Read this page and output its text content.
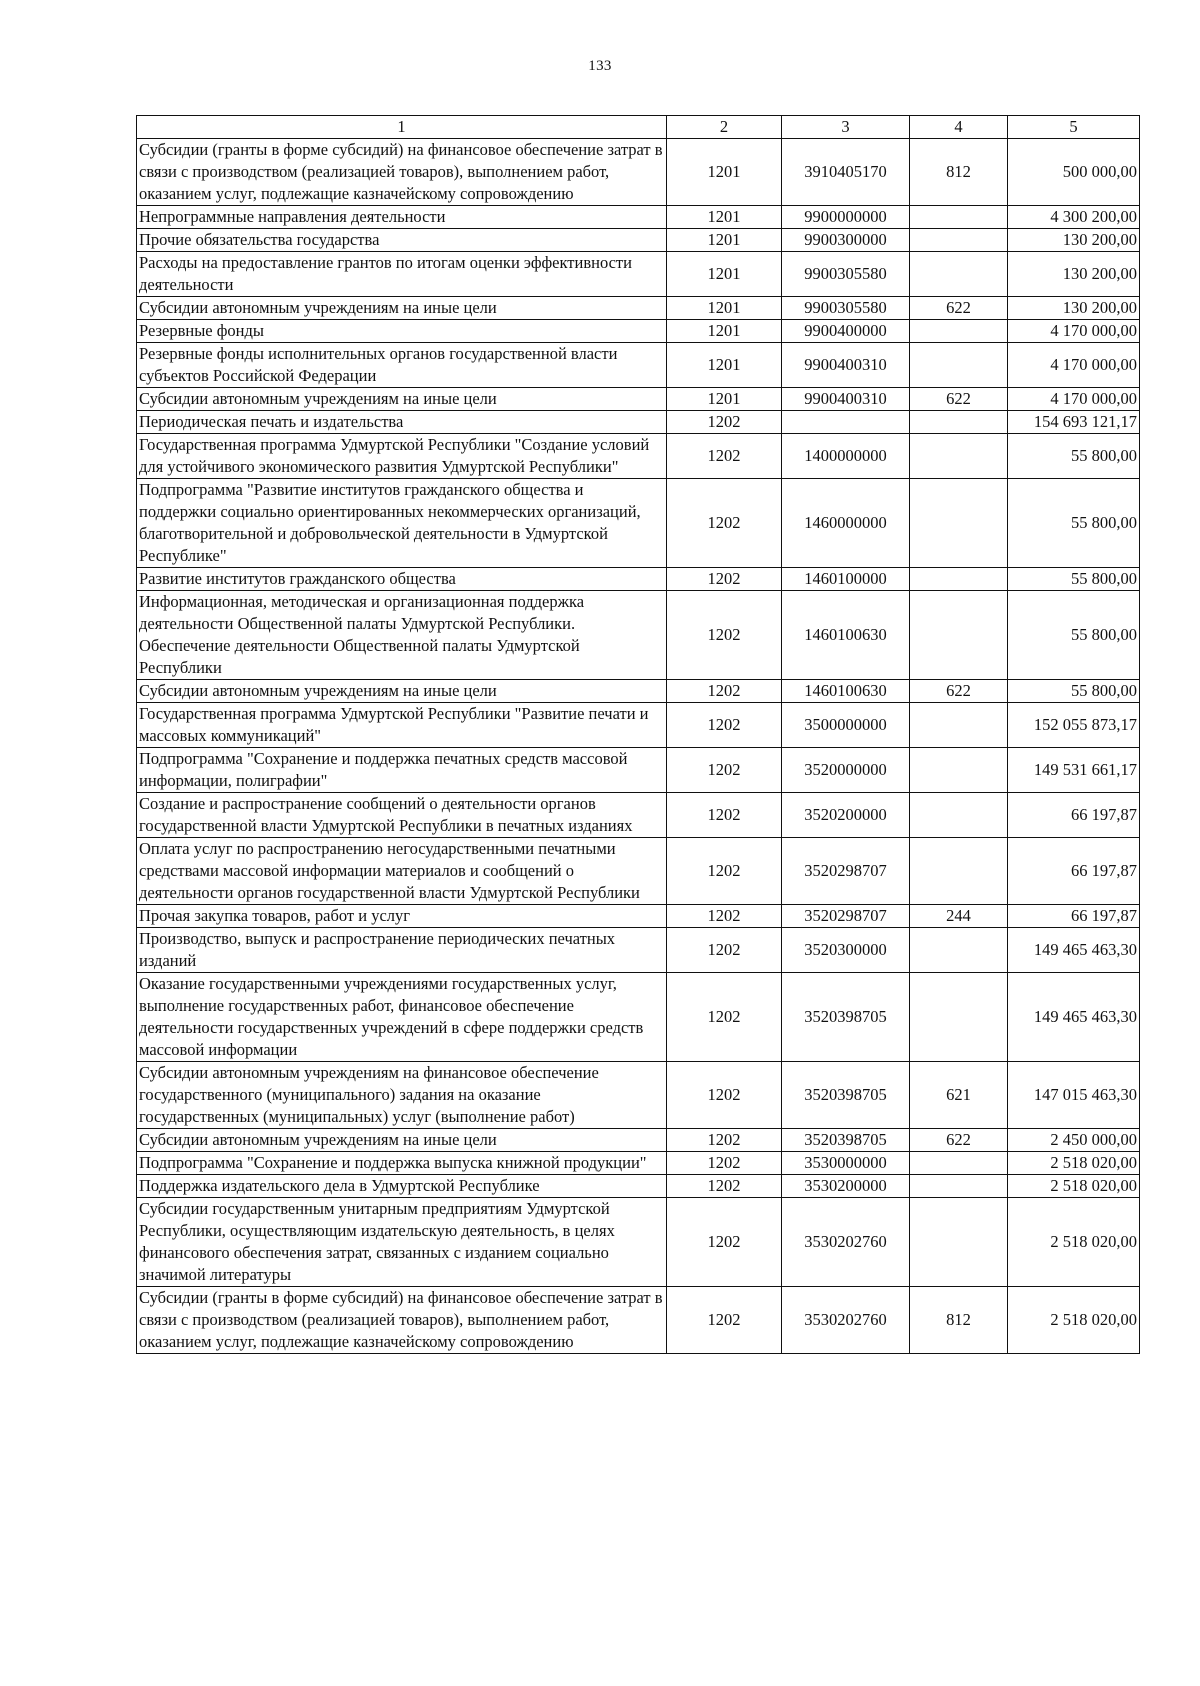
133
1	2	3	4	5
Субсидии (гранты в форме субсидий) на финансовое обеспечение затрат в связи с производством (реализацией товаров), выполнением работ, оказанием услуг, подлежащие казначейскому сопровождению	1201	3910405170	812	500 000,00
Непрограммные направления деятельности	1201	9900000000		4 300 200,00
Прочие обязательства государства	1201	9900300000		130 200,00
Расходы на предоставление грантов по итогам оценки эффективности деятельности	1201	9900305580		130 200,00
Субсидии автономным учреждениям на иные цели	1201	9900305580	622	130 200,00
Резервные фонды	1201	9900400000		4 170 000,00
Резервные фонды исполнительных органов государственной власти субъектов Российской Федерации	1201	9900400310		4 170 000,00
Субсидии автономным учреждениям на иные цели	1201	9900400310	622	4 170 000,00
Периодическая печать и издательства	1202			154 693 121,17
Государственная программа Удмуртской Республики "Создание условий для устойчивого экономического развития Удмуртской Республики"	1202	1400000000		55 800,00
Подпрограмма "Развитие институтов гражданского общества и поддержки социально ориентированных некоммерческих организаций, благотворительной и добровольческой деятельности в Удмуртской Республике"	1202	1460000000		55 800,00
Развитие институтов гражданского общества	1202	1460100000		55 800,00
Информационная, методическая и организационная поддержка деятельности Общественной палаты Удмуртской Республики. Обеспечение деятельности Общественной палаты Удмуртской Республики	1202	1460100630		55 800,00
Субсидии автономным учреждениям на иные цели	1202	1460100630	622	55 800,00
Государственная программа Удмуртской Республики "Развитие печати и массовых коммуникаций"	1202	3500000000		152 055 873,17
Подпрограмма "Сохранение и поддержка печатных средств массовой информации, полиграфии"	1202	3520000000		149 531 661,17
Создание и распространение сообщений о деятельности органов государственной власти Удмуртской Республики в печатных изданиях	1202	3520200000		66 197,87
Оплата услуг по распространению негосударственными печатными средствами массовой информации материалов и сообщений о деятельности органов государственной власти Удмуртской Республики	1202	3520298707		66 197,87
Прочая закупка товаров, работ и услуг	1202	3520298707	244	66 197,87
Производство, выпуск и распространение периодических печатных изданий	1202	3520300000		149 465 463,30
Оказание государственными учреждениями государственных услуг, выполнение государственных работ, финансовое обеспечение деятельности государственных учреждений в сфере поддержки средств массовой информации	1202	3520398705		149 465 463,30
Субсидии автономным учреждениям на финансовое обеспечение государственного (муниципального) задания на оказание государственных (муниципальных) услуг (выполнение работ)	1202	3520398705	621	147 015 463,30
Субсидии автономным учреждениям на иные цели	1202	3520398705	622	2 450 000,00
Подпрограмма "Сохранение и поддержка выпуска книжной продукции"	1202	3530000000		2 518 020,00
Поддержка издательского дела в Удмуртской Республике	1202	3530200000		2 518 020,00
Субсидии государственным унитарным предприятиям Удмуртской Республики, осуществляющим издательскую деятельность, в целях финансового обеспечения затрат, связанных с изданием социально значимой литературы	1202	3530202760		2 518 020,00
Субсидии (гранты в форме субсидий) на финансовое обеспечение затрат в связи с производством (реализацией товаров), выполнением работ, оказанием услуг, подлежащие казначейскому сопровождению	1202	3530202760	812	2 518 020,00
